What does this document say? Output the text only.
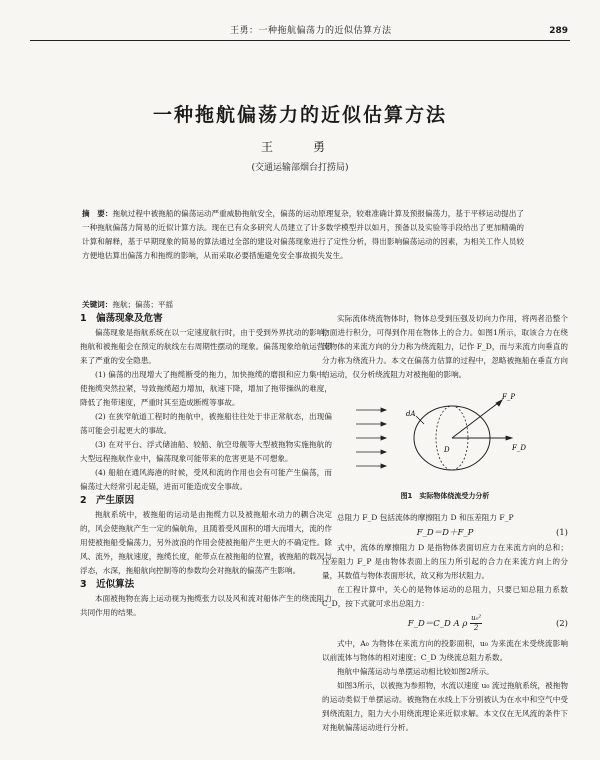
王勇：一种拖航偏荡力的近似估算方法	289
一种拖航偏荡力的近似估算方法
王　勇
(交通运输部烟台打捞局)
摘　要：拖航过程中被拖船的偏荡运动严重威胁拖航安全，偏荡的运动原理复杂，较难准确计算及预报偏荡力，基于平移运动提出了一种拖航偏荡力简易的近似计算方法。现在已有众多研究人员建立了计多数学模型并以如月，预备以及实验等手段给出了更加精确的计算和解释，基于早期现象的简易的算法通过全部的建设对偏荡现象进行了定性分析，得出影响偏荡运动的因素，为相关工作人员较方便地估算出偏荡力和拖缆的影响，从而采取必要措施避免安全事故损失发生。
关键词：拖航；偏荡；平摇

1　偏荡现象及危害

偏荡现象是指航系统在以一定速度航行时，由于受到外界扰动的影响，拖航和被拖船会在预定的航线左右周期性摆动的现象。偏荡现象给航运营带来了严重的安全隐患。

(1) 偏荡的出现增大了拖缆断受的拖力，加快拖缆的磨损和应力集中，使拖缆突然拉紧，导致拖缆超力增加，航速下降，增加了拖带操纵的难度，降低了拖带速度，严重时其至造成断缆等事故。

(2) 在狭窄航道工程时的拖航中，被拖船往往处于非正常航态，出现偏荡可能会引起更大的事故。

(3) 在对平台、浮式储油船、较船、航空母舰等大型被拖物实施拖航的大型远程拖航作业中，偏荡现象可能带来的危害更是不可想象。

(4) 船舶在通风海港的时候，受风和流的作用也会有可能产生偏荡，而偏荡过大经常引起走锚，进而可能造成安全事故。

2　产生原因

拖航系统中，被拖船的运动是由拖缆力以及被拖船水动力的耦合决定的，风会使拖航产生一定的偏航角，且随着受风面积的增大而增大，流的作用使被拖船受偏荡力，另外波浪的作用会使被拖船产生更大的不确定性。除风、流外，拖航速度，拖缆长度，舵带点在被拖船的位置，被拖船的载况与浮态，水深，拖船航向控制等的参数均会对拖航的偏荡产生影响。

3　近似算法

本面被拖物在海上运动视为拖缆张力以及风和流对船体产生的绕流阻力共同作用的结果。

实际流体绕流物体时，物体总受到压强及切向力作用，将两者沿整个物面进行积分，可得到作用在物体上的合力。如图1所示，取该合力在绕流物体的来流方向的分力称为绕流阻力，记作 F_D，而与来流方向垂直的分力称为绕流升力。本文在偏荡力估算的过程中，忽略被拖船在垂直方向的运动，仅分析绕流阻力对被拖船的影响。

F_P
F_D
dA
D
图1　实际物体绕流受力分析

总阻力 F_D 包括流体的摩擦阻力 D 和压差阻力 F_P

F_D＝D＋F_P	(1)

式中，流体的摩擦阻力 D 是指物体表面切应力在来流方向的总和；压差阻力 F_P 是由物体表面上的压力所引起的合力在来流方向上的分量，其数值与物体表面形状，故又称为形状阻力。

在工程计算中，关心的是物体运动的总阻力，只要已知总阻力系数 C_D，按下式就可求出总阻力：

F_D＝C_D A ρ $\frac{\text{u₀²}}{2}$	(2)

式中，A₀ 为物体在来流方向的投影面积，u₀ 为来流在未受绕流影响以前流体与物体的相对速度；C_D 为绕流总阻力系数。

拖航中偏荡运动与单摆运动相比较如图2所示。

如图3所示，以被拖为参照物，水流以速度 u₀ 流过拖航系统，被拖物的运动类似于单摆运动。被拖物在水线上下分别被认为在水中和空气中受到绕流阻力，阻力大小用绕流理论来近似求解。本文仅在无风流的条件下对拖航偏荡运动进行分析。
